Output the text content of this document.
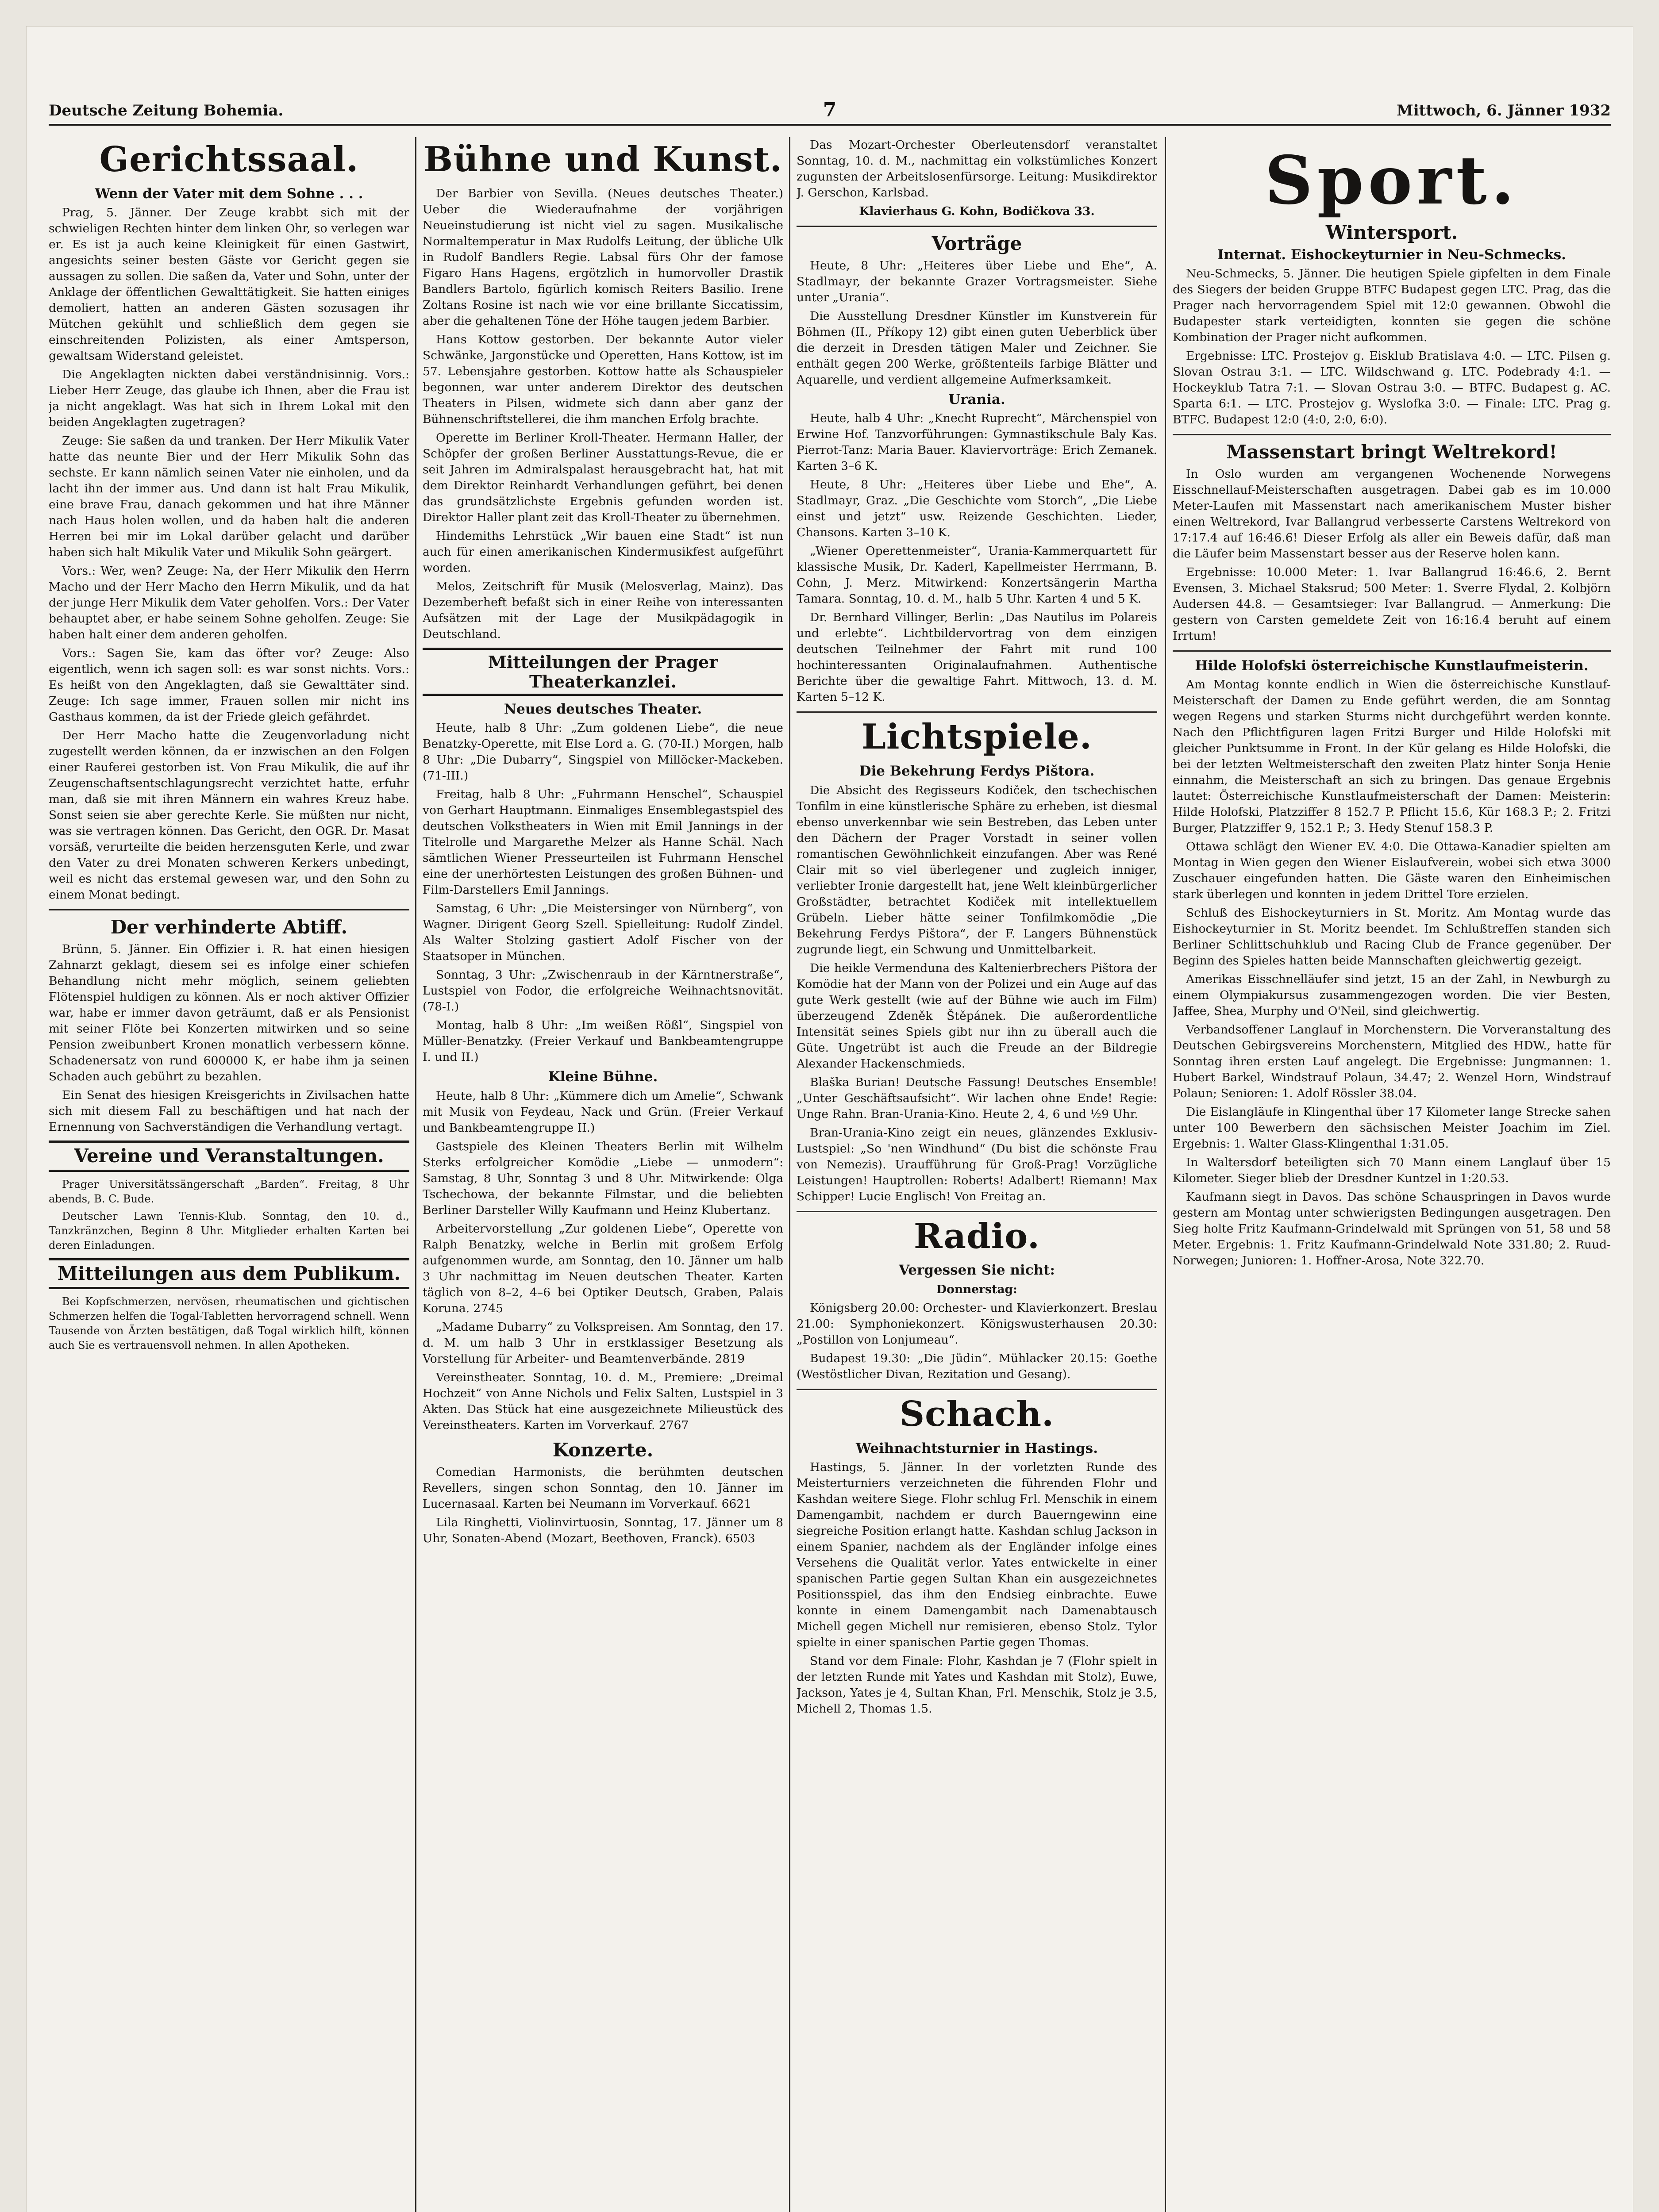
Deutsche Zeitung Bohemia.	7	Mittwoch, 6. Jänner 1932
Gerichtssaal.
Wenn der Vater mit dem Sohne . . .

Prag, 5. Jänner. Der Zeuge krabbt sich mit der schwieligen Rechten hinter dem linken Ohr, so verlegen war er. Es ist ja auch keine Kleinigkeit für einen Gastwirt, angesichts seiner besten Gäste vor Gericht gegen sie aussagen zu sollen. Die saßen da, Vater und Sohn, unter der Anklage der öffentlichen Gewalttätigkeit. Sie hatten einiges demoliert, hatten an anderen Gästen sozusagen ihr Mütchen gekühlt und schließlich dem gegen sie einschreitenden Polizisten, als einer Amtsperson, gewaltsam Widerstand geleistet.

Die Angeklagten nickten dabei verständnisinnig. Vors.: Lieber Herr Zeuge, das glaube ich Ihnen, aber die Frau ist ja nicht angeklagt. Was hat sich in Ihrem Lokal mit den beiden Angeklagten zugetragen?

Zeuge: Sie saßen da und tranken. Der Herr Mikulik Vater hatte das neunte Bier und der Herr Mikulik Sohn das sechste. Er kann nämlich seinen Vater nie einholen, und da lacht ihn der immer aus. Und dann ist halt Frau Mikulik, eine brave Frau, danach gekommen und hat ihre Männer nach Haus holen wollen, und da haben halt die anderen Herren bei mir im Lokal darüber gelacht und darüber haben sich halt Mikulik Vater und Mikulik Sohn geärgert.

Vors.: Wer, wen? Zeuge: Na, der Herr Mikulik den Herrn Macho und der Herr Macho den Herrn Mikulik, und da hat der junge Herr Mikulik dem Vater geholfen. Vors.: Der Vater behauptet aber, er habe seinem Sohne geholfen. Zeuge: Sie haben halt einer dem anderen geholfen.

Vors.: Sagen Sie, kam das öfter vor? Zeuge: Also eigentlich, wenn ich sagen soll: es war sonst nichts. Vors.: Es heißt von den Angeklagten, daß sie Gewalttäter sind. Zeuge: Ich sage immer, Frauen sollen mir nicht ins Gasthaus kommen, da ist der Friede gleich gefährdet.

Der Herr Macho hatte die Zeugenvorladung nicht zugestellt werden können, da er inzwischen an den Folgen einer Rauferei gestorben ist. Von Frau Mikulik, die auf ihr Zeugenschaftsentschlagungsrecht verzichtet hatte, erfuhr man, daß sie mit ihren Männern ein wahres Kreuz habe. Sonst seien sie aber gerechte Kerle. Sie müßten nur nicht, was sie vertragen können. Das Gericht, den OGR. Dr. Masat vorsäß, verurteilte die beiden herzensguten Kerle, und zwar den Vater zu drei Monaten schweren Kerkers unbedingt, weil es nicht das erstemal gewesen war, und den Sohn zu einem Monat bedingt.

Der verhinderte Abtiff.

Brünn, 5. Jänner. Ein Offizier i. R. hat einen hiesigen Zahnarzt geklagt, diesem sei es infolge einer schiefen Behandlung nicht mehr möglich, seinem geliebten Flötenspiel huldigen zu können. Als er noch aktiver Offizier war, habe er immer davon geträumt, daß er als Pensionist mit seiner Flöte bei Konzerten mitwirken und so seine Pension zweibunbert Kronen monatlich verbessern könne. Schadenersatz von rund 600000 K, er habe ihm ja seinen Schaden auch gebührt zu bezahlen.

Ein Senat des hiesigen Kreisgerichts in Zivilsachen hatte sich mit diesem Fall zu beschäftigen und hat nach der Ernennung von Sachverständigen die Verhandlung vertagt.

Vereine und Veranstaltungen.

Prager Universitätssängerschaft „Barden“. Freitag, 8 Uhr abends, B. C. Bude.

Deutscher Lawn Tennis-Klub. Sonntag, den 10. d., Tanzkränzchen, Beginn 8 Uhr. Mitglieder erhalten Karten bei deren Einladungen.

Mitteilungen aus dem Publikum.

Bei Kopfschmerzen, nervösen, rheumatischen und gichtischen Schmerzen helfen die Togal-Tabletten hervorragend schnell. Wenn Tausende von Ärzten bestätigen, daß Togal wirklich hilft, können auch Sie es vertrauensvoll nehmen. In allen Apotheken.

Bühne und Kunst.

Der Barbier von Sevilla. (Neues deutsches Theater.) Ueber die Wiederaufnahme der vorjährigen Neueinstudierung ist nicht viel zu sagen. Musikalische Normaltemperatur in Max Rudolfs Leitung, der übliche Ulk in Rudolf Bandlers Regie. Labsal fürs Ohr der famose Figaro Hans Hagens, ergötzlich in humorvoller Drastik Bandlers Bartolo, figürlich komisch Reiters Basilio. Irene Zoltans Rosine ist nach wie vor eine brillante Siccatissim, aber die gehaltenen Töne der Höhe taugen jedem Barbier.

Hans Kottow gestorben. Der bekannte Autor vieler Schwänke, Jargonstücke und Operetten, Hans Kottow, ist im 57. Lebensjahre gestorben. Kottow hatte als Schauspieler begonnen, war unter anderem Direktor des deutschen Theaters in Pilsen, widmete sich dann aber ganz der Bühnenschriftstellerei, die ihm manchen Erfolg brachte.

Operette im Berliner Kroll-Theater. Hermann Haller, der Schöpfer der großen Berliner Ausstattungs-Revue, die er seit Jahren im Admiralspalast herausgebracht hat, hat mit dem Direktor Reinhardt Verhandlungen geführt, bei denen das grundsätzlichste Ergebnis gefunden worden ist. Direktor Haller plant zeit das Kroll-Theater zu übernehmen.

Hindemiths Lehrstück „Wir bauen eine Stadt“ ist nun auch für einen amerikanischen Kindermusikfest aufgeführt worden.

Melos, Zeitschrift für Musik (Melosverlag, Mainz). Das Dezemberheft befaßt sich in einer Reihe von interessanten Aufsätzen mit der Lage der Musikpädagogik in Deutschland.

Mitteilungen der Prager Theaterkanzlei.
Neues deutsches Theater.

Heute, halb 8 Uhr: „Zum goldenen Liebe“, die neue Benatzky-Operette, mit Else Lord a. G. (70-II.) Morgen, halb 8 Uhr: „Die Dubarry“, Singspiel von Millöcker-Mackeben. (71-III.)

Freitag, halb 8 Uhr: „Fuhrmann Henschel“, Schauspiel von Gerhart Hauptmann. Einmaliges Ensemblegastspiel des deutschen Volkstheaters in Wien mit Emil Jannings in der Titelrolle und Margarethe Melzer als Hanne Schäl. Nach sämtlichen Wiener Presseurteilen ist Fuhrmann Henschel eine der unerhörtesten Leistungen des großen Bühnen- und Film-Darstellers Emil Jannings.

Samstag, 6 Uhr: „Die Meistersinger von Nürnberg“, von Wagner. Dirigent Georg Szell. Spielleitung: Rudolf Zindel. Als Walter Stolzing gastiert Adolf Fischer von der Staatsoper in München.

Sonntag, 3 Uhr: „Zwischenraub in der Kärntnerstraße“, Lustspiel von Fodor, die erfolgreiche Weihnachtsnovität. (78-I.)

Montag, halb 8 Uhr: „Im weißen Rößl“, Singspiel von Müller-Benatzky. (Freier Verkauf und Bankbeamtengruppe I. und II.)

Kleine Bühne.

Heute, halb 8 Uhr: „Kümmere dich um Amelie“, Schwank mit Musik von Feydeau, Nack und Grün. (Freier Verkauf und Bankbeamtengruppe II.)

Gastspiele des Kleinen Theaters Berlin mit Wilhelm Sterks erfolgreicher Komödie „Liebe — unmodern“: Samstag, 8 Uhr, Sonntag 3 und 8 Uhr. Mitwirkende: Olga Tschechowa, der bekannte Filmstar, und die beliebten Berliner Darsteller Willy Kaufmann und Heinz Klubertanz.

Arbeitervorstellung „Zur goldenen Liebe“, Operette von Ralph Benatzky, welche in Berlin mit großem Erfolg aufgenommen wurde, am Sonntag, den 10. Jänner um halb 3 Uhr nachmittag im Neuen deutschen Theater. Karten täglich von 8–2, 4–6 bei Optiker Deutsch, Graben, Palais Koruna. 2745

„Madame Dubarry“ zu Volkspreisen. Am Sonntag, den 17. d. M. um halb 3 Uhr in erstklassiger Besetzung als Vorstellung für Arbeiter- und Beamtenverbände. 2819

Vereinstheater. Sonntag, 10. d. M., Premiere: „Dreimal Hochzeit“ von Anne Nichols und Felix Salten, Lustspiel in 3 Akten. Das Stück hat eine ausgezeichnete Milieustück des Vereinstheaters. Karten im Vorverkauf. 2767

Konzerte.

Comedian Harmonists, die berühmten deutschen Revellers, singen schon Sonntag, den 10. Jänner im Lucernasaal. Karten bei Neumann im Vorverkauf. 6621

Lila Ringhetti, Violinvirtuosin, Sonntag, 17. Jänner um 8 Uhr, Sonaten-Abend (Mozart, Beethoven, Franck). 6503

Das Mozart-Orchester Oberleutensdorf veranstaltet Sonntag, 10. d. M., nachmittag ein volkstümliches Konzert zugunsten der Arbeitslosenfürsorge. Leitung: Musikdirektor J. Gerschon, Karlsbad.

Klavierhaus G. Kohn, Bodičkova 33.

Vorträge

Heute, 8 Uhr: „Heiteres über Liebe und Ehe“, A. Stadlmayr, der bekannte Grazer Vortragsmeister. Siehe unter „Urania“.

Die Ausstellung Dresdner Künstler im Kunstverein für Böhmen (II., Příkopy 12) gibt einen guten Ueberblick über die derzeit in Dresden tätigen Maler und Zeichner. Sie enthält gegen 200 Werke, größtenteils farbige Blätter und Aquarelle, und verdient allgemeine Aufmerksamkeit.

Urania.

Heute, halb 4 Uhr: „Knecht Ruprecht“, Märchenspiel von Erwine Hof. Tanzvorführungen: Gymnastikschule Baly Kas. Pierrot-Tanz: Maria Bauer. Klaviervorträge: Erich Zemanek. Karten 3–6 K.

Heute, 8 Uhr: „Heiteres über Liebe und Ehe“, A. Stadlmayr, Graz. „Die Geschichte vom Storch“, „Die Liebe einst und jetzt“ usw. Reizende Geschichten. Lieder, Chansons. Karten 3–10 K.

„Wiener Operettenmeister“, Urania-Kammerquartett für klassische Musik, Dr. Kaderl, Kapellmeister Herrmann, B. Cohn, J. Merz. Mitwirkend: Konzertsängerin Martha Tamara. Sonntag, 10. d. M., halb 5 Uhr. Karten 4 und 5 K.

Dr. Bernhard Villinger, Berlin: „Das Nautilus im Polareis und erlebte“. Lichtbildervortrag von dem einzigen deutschen Teilnehmer der Fahrt mit rund 100 hochinteressanten Originalaufnahmen. Authentische Berichte über die gewaltige Fahrt. Mittwoch, 13. d. M. Karten 5–12 K.

Lichtspiele.
Die Bekehrung Ferdys Pištora.

Die Absicht des Regisseurs Kodiček, den tschechischen Tonfilm in eine künstlerische Sphäre zu erheben, ist diesmal ebenso unverkennbar wie sein Bestreben, das Leben unter den Dächern der Prager Vorstadt in seiner vollen romantischen Gewöhnlichkeit einzufangen. Aber was René Clair mit so viel überlegener und zugleich inniger, verliebter Ironie dargestellt hat, jene Welt kleinbürgerlicher Großstädter, betrachtet Kodiček mit intellektuellem Grübeln. Lieber hätte seiner Tonfilmkomödie „Die Bekehrung Ferdys Pištora“, der F. Langers Bühnenstück zugrunde liegt, ein Schwung und Unmittelbarkeit.

Die heikle Vermenduna des Kaltenierbrechers Pištora der Komödie hat der Mann von der Polizei und ein Auge auf das gute Werk gestellt (wie auf der Bühne wie auch im Film) überzeugend Zdeněk Štěpánek. Die außerordentliche Intensität seines Spiels gibt nur ihn zu überall auch die Güte. Ungetrübt ist auch die Freude an der Bildregie Alexander Hackenschmieds.

Blaška Burian! Deutsche Fassung! Deutsches Ensemble! „Unter Geschäftsaufsicht“. Wir lachen ohne Ende! Regie: Unge Rahn. Bran-Urania-Kino. Heute 2, 4, 6 und ½9 Uhr.

Bran-Urania-Kino zeigt ein neues, glänzendes Exklusiv-Lustspiel: „So 'nen Windhund“ (Du bist die schönste Frau von Nemezis). Uraufführung für Groß-Prag! Vorzügliche Leistungen! Hauptrollen: Roberts! Adalbert! Riemann! Max Schipper! Lucie Englisch! Von Freitag an.

Radio.
Vergessen Sie nicht:

Donnerstag:

Königsberg 20.00: Orchester- und Klavierkonzert. Breslau 21.00: Symphoniekonzert. Königswusterhausen 20.30: „Postillon von Lonjumeau“.

Budapest 19.30: „Die Jüdin“. Mühlacker 20.15: Goethe (Westöstlicher Divan, Rezitation und Gesang).

Schach.
Weihnachtsturnier in Hastings.

Hastings, 5. Jänner. In der vorletzten Runde des Meisterturniers verzeichneten die führenden Flohr und Kashdan weitere Siege. Flohr schlug Frl. Menschik in einem Damengambit, nachdem er durch Bauerngewinn eine siegreiche Position erlangt hatte. Kashdan schlug Jackson in einem Spanier, nachdem als der Engländer infolge eines Versehens die Qualität verlor. Yates entwickelte in einer spanischen Partie gegen Sultan Khan ein ausgezeichnetes Positionsspiel, das ihm den Endsieg einbrachte. Euwe konnte in einem Damengambit nach Damenabtausch Michell gegen Michell nur remisieren, ebenso Stolz. Tylor spielte in einer spanischen Partie gegen Thomas.

Stand vor dem Finale: Flohr, Kashdan je 7 (Flohr spielt in der letzten Runde mit Yates und Kashdan mit Stolz), Euwe, Jackson, Yates je 4, Sultan Khan, Frl. Menschik, Stolz je 3.5, Michell 2, Thomas 1.5.

Sport.
Wintersport.
Internat. Eishockeyturnier in Neu-Schmecks.

Neu-Schmecks, 5. Jänner. Die heutigen Spiele gipfelten in dem Finale des Siegers der beiden Gruppe BTFC Budapest gegen LTC. Prag, das die Prager nach hervorragendem Spiel mit 12:0 gewannen. Obwohl die Budapester stark verteidigten, konnten sie gegen die schöne Kombination der Prager nicht aufkommen.

Ergebnisse: LTC. Prostejov g. Eisklub Bratislava 4:0. — LTC. Pilsen g. Slovan Ostrau 3:1. — LTC. Wildschwand g. LTC. Podebrady 4:1. — Hockeyklub Tatra 7:1. — Slovan Ostrau 3:0. — BTFC. Budapest g. AC. Sparta 6:1. — LTC. Prostejov g. Wyslofka 3:0. — Finale: LTC. Prag g. BTFC. Budapest 12:0 (4:0, 2:0, 6:0).

Massenstart bringt Weltrekord!

In Oslo wurden am vergangenen Wochenende Norwegens Eisschnellauf-Meisterschaften ausgetragen. Dabei gab es im 10.000 Meter-Laufen mit Massenstart nach amerikanischem Muster bisher einen Weltrekord, Ivar Ballangrud verbesserte Carstens Weltrekord von 17:17.4 auf 16:46.6! Dieser Erfolg als aller ein Beweis dafür, daß man die Läufer beim Massenstart besser aus der Reserve holen kann.

Ergebnisse: 10.000 Meter: 1. Ivar Ballangrud 16:46.6, 2. Bernt Evensen, 3. Michael Staksrud; 500 Meter: 1. Sverre Flydal, 2. Kolbjörn Audersen 44.8. — Gesamtsieger: Ivar Ballangrud. — Anmerkung: Die gestern von Carsten gemeldete Zeit von 16:16.4 beruht auf einem Irrtum!

Hilde Holofski österreichische Kunstlaufmeisterin.

Am Montag konnte endlich in Wien die österreichische Kunstlauf-Meisterschaft der Damen zu Ende geführt werden, die am Sonntag wegen Regens und starken Sturms nicht durchgeführt werden konnte. Nach den Pflichtfiguren lagen Fritzi Burger und Hilde Holofski mit gleicher Punktsumme in Front. In der Kür gelang es Hilde Holofski, die bei der letzten Weltmeisterschaft den zweiten Platz hinter Sonja Henie einnahm, die Meisterschaft an sich zu bringen. Das genaue Ergebnis lautet: Österreichische Kunstlaufmeisterschaft der Damen: Meisterin: Hilde Holofski, Platzziffer 8 152.7 P. Pflicht 15.6, Kür 168.3 P.; 2. Fritzi Burger, Platzziffer 9, 152.1 P.; 3. Hedy Stenuf 158.3 P.

Ottawa schlägt den Wiener EV. 4:0. Die Ottawa-Kanadier spielten am Montag in Wien gegen den Wiener Eislaufverein, wobei sich etwa 3000 Zuschauer eingefunden hatten. Die Gäste waren den Einheimischen stark überlegen und konnten in jedem Drittel Tore erzielen.

Schluß des Eishockeyturniers in St. Moritz. Am Montag wurde das Eishockeyturnier in St. Moritz beendet. Im Schlußtreffen standen sich Berliner Schlittschuhklub und Racing Club de France gegenüber. Der Beginn des Spieles hatten beide Mannschaften gleichwertig gezeigt.

Amerikas Eisschnelläufer sind jetzt, 15 an der Zahl, in Newburgh zu einem Olympiakursus zusammengezogen worden. Die vier Besten, Jaffee, Shea, Murphy und O'Neil, sind gleichwertig.

Verbandsoffener Langlauf in Morchenstern. Die Vorveranstaltung des Deutschen Gebirgsvereins Morchenstern, Mitglied des HDW., hatte für Sonntag ihren ersten Lauf angelegt. Die Ergebnisse: Jungmannen: 1. Hubert Barkel, Windstrauf Polaun, 34.47; 2. Wenzel Horn, Windstrauf Polaun; Senioren: 1. Adolf Rössler 38.04.

Die Eislangläufe in Klingenthal über 17 Kilometer lange Strecke sahen unter 100 Bewerbern den sächsischen Meister Joachim im Ziel. Ergebnis: 1. Walter Glass-Klingenthal 1:31.05.

In Waltersdorf beteiligten sich 70 Mann einem Langlauf über 15 Kilometer. Sieger blieb der Dresdner Kuntzel in 1:20.53.

Kaufmann siegt in Davos. Das schöne Schauspringen in Davos wurde gestern am Montag unter schwierigsten Bedingungen ausgetragen. Den Sieg holte Fritz Kaufmann-Grindelwald mit Sprüngen von 51, 58 und 58 Meter. Ergebnis: 1. Fritz Kaufmann-Grindelwald Note 331.80; 2. Ruud-Norwegen; Junioren: 1. Hoffner-Arosa, Note 322.70.
